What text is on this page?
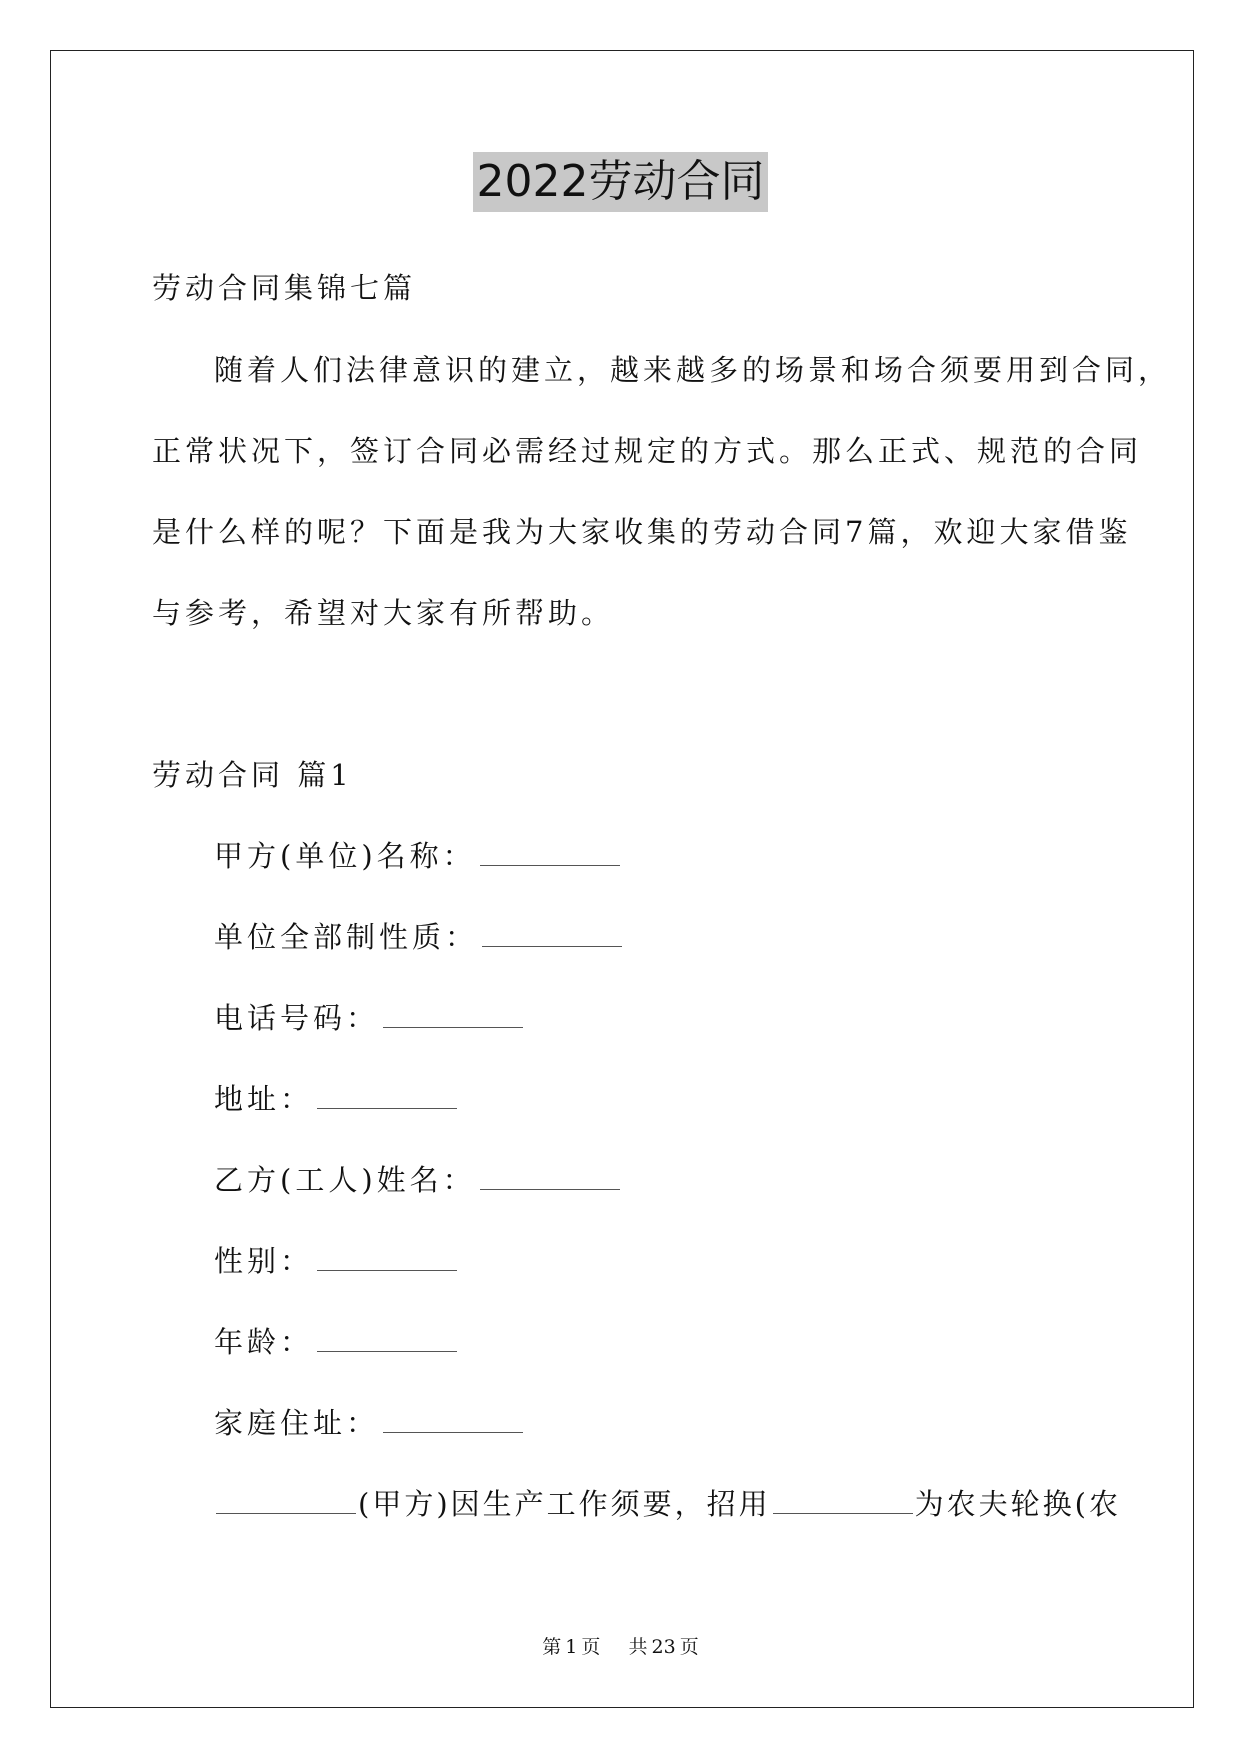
2022劳动合同
劳动合同集锦七篇
随着人们法律意识的建立，越来越多的场景和场合须要用到合同，
正常状况下，签订合同必需经过规定的方式。那么正式、规范的合同
是什么样的呢？下面是我为大家收集的劳动合同7篇，欢迎大家借鉴
与参考，希望对大家有所帮助。
劳动合同 篇1
甲方(单位)名称：
单位全部制性质：
电话号码：
地址：
乙方(工人)姓名：
性别：
年龄：
家庭住址：
(甲方)因生产工作须要，招用	为农夫轮换(农
第 1 页 共 23 页
